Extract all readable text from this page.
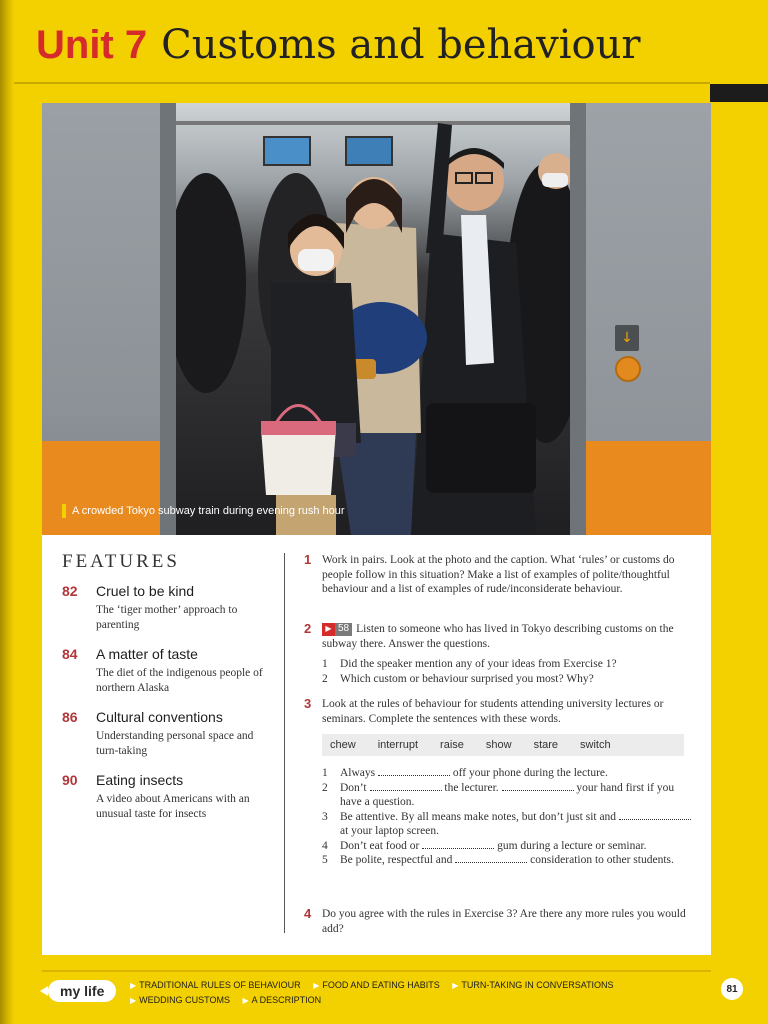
Unit 7 Customs and behaviour
↓
A crowded Tokyo subway train during evening rush hour
FEATURES
82	Cruel to be kind
The ‘tiger mother’ approach to parenting
84	A matter of taste
The diet of the indigenous people of northern Alaska
86	Cultural conventions
Understanding personal space and turn-taking
90	Eating insects
A video about Americans with an unusual taste for insects
1 Work in pairs. Look at the photo and the caption. What ‘rules’ or customs do people follow in this situation? Make a list of examples of polite/thoughtful behaviour and a list of examples of rude/inconsiderate behaviour.
2	▶ 58 Listen to someone who has lived in Tokyo describing customs on the subway there. Answer the questions.
1 Did the speaker mention any of your ideas from Exercise 1?
2 Which custom or behaviour surprised you most? Why?
3 Look at the rules of behaviour for students attending university lectures or seminars. Complete the sentences with these words.
chew interrupt raise show stare switch
1 Always	off your phone during the lecture.
2 Don’t	the lecturer.	your hand first if you have a question.
3 Be attentive. By all means make notes, but don’t just sit and  at your laptop screen.
4 Don’t eat food or	gum during a lecture or seminar.
5 Be polite, respectful and	consideration to other students.
4 Do you agree with the rules in Exercise 3? Are there any more rules you would add?
my life	▶ TRADITIONAL RULES OF BEHAVIOUR
▶ FOOD AND EATING HABITS
▶ TURN-TAKING IN CONVERSATIONS

▶ WEDDING CUSTOMS
▶ A DESCRIPTION
81
